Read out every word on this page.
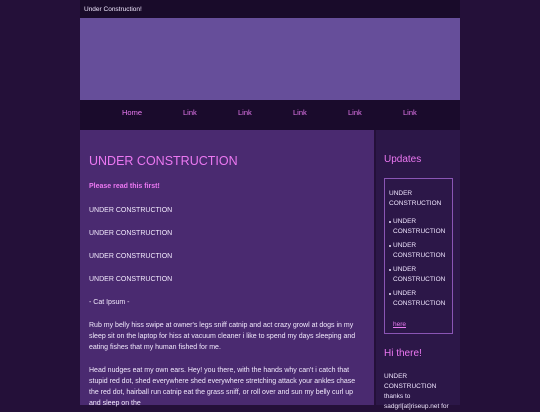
Under Construction!
Home	Link	Link	Link	Link	Link
UNDER CONSTRUCTION
Please read this first!

UNDER CONSTRUCTION

UNDER CONSTRUCTION

UNDER CONSTRUCTION

UNDER CONSTRUCTION

- Cat Ipsum -

Rub my belly hiss swipe at owner's legs sniff catnip and act crazy growl at dogs in my sleep sit on the laptop for hiss at vacuum cleaner i like to spend my days sleeping and eating fishes that my human fished for me.

Head nudges eat my own ears. Hey! you there, with the hands why can't i catch that stupid red dot, shed everywhere shed everywhere stretching attack your ankles chase the red dot, hairball run catnip eat the grass sniff, or roll over and sun my belly curl up and sleep on the

Updates
UNDER CONSTRUCTION
UNDER CONSTRUCTION
UNDER CONSTRUCTION
UNDER CONSTRUCTION
UNDER CONSTRUCTION
here
Hi there!
UNDER CONSTRUCTION thanks to sadgrl[at]riseup.net for
